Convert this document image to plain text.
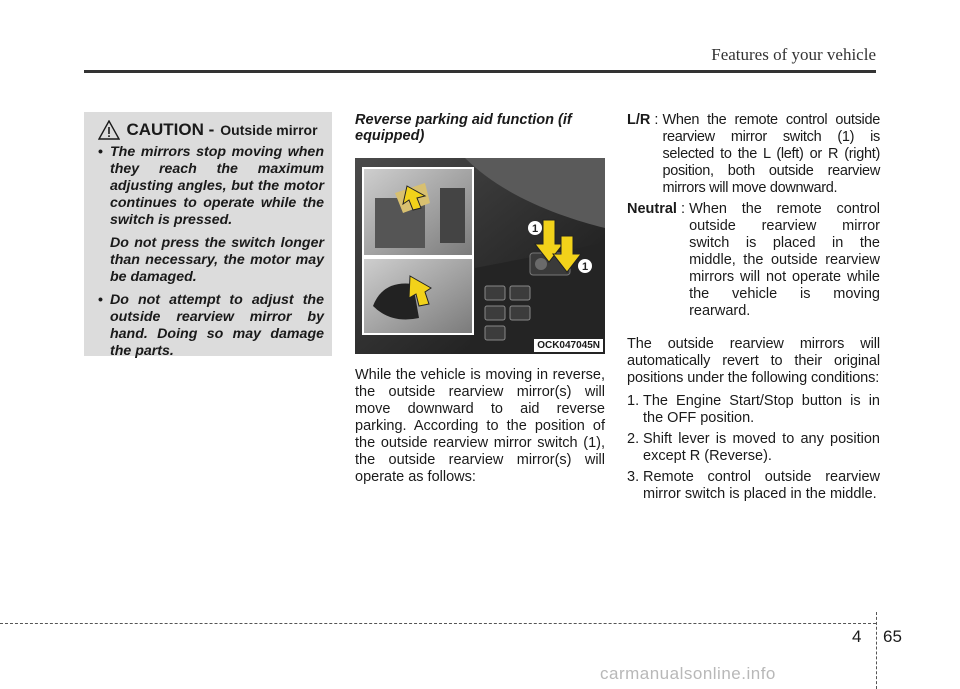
Features of your vehicle
CAUTION - Outside mirror

• The mirrors stop moving when they reach the maximum adjusting angles, but the motor continues to operate while the switch is pressed.

Do not press the switch longer than necessary, the motor may be damaged.

• Do not attempt to adjust the outside rearview mirror by hand. Doing so may damage the parts.

Reverse parking aid function (if equipped)
1
1
OCK047045N
While the vehicle is moving in reverse, the outside rearview mirror(s) will move downward to aid reverse parking. According to the position of the outside rearview mirror switch (1), the outside rearview mirror(s) will operate as follows:
L/R : When the remote control outside rearview mirror switch (1) is selected to the L (left) or R (right) position, both outside rearview mirrors will move downward.
Neutral : When the remote control outside rearview mirror switch is placed in the middle, the outside rearview mirrors will not operate while the vehicle is moving rearward.

The outside rearview mirrors will automatically revert to their original positions under the following conditions:

1. The Engine Start/Stop button is in the OFF position.
2. Shift lever is moved to any position except R (Reverse).
3. Remote control outside rearview mirror switch is placed in the middle.
4 65
carmanualsonline.info
